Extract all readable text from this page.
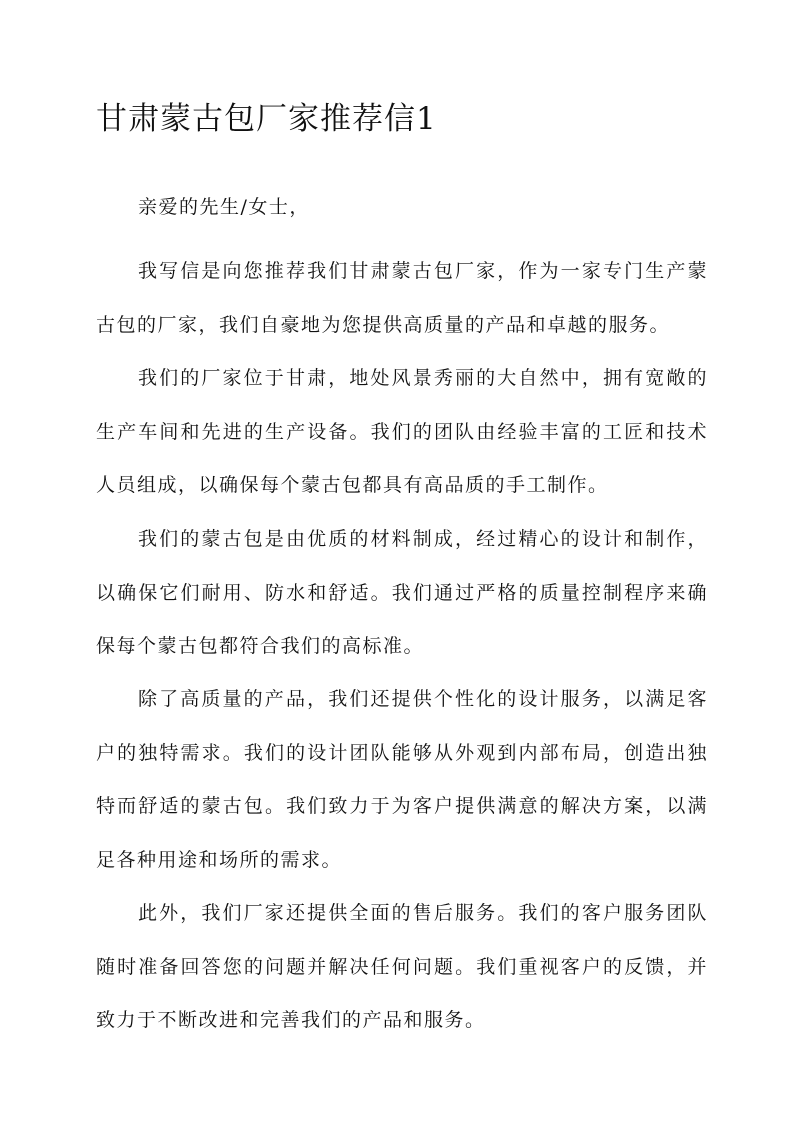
甘肃蒙古包厂家推荐信1

亲爱的先生/女士，

我写信是向您推荐我们甘肃蒙古包厂家，作为一家专门生产蒙古包的厂家，我们自豪地为您提供高质量的产品和卓越的服务。

我们的厂家位于甘肃，地处风景秀丽的大自然中，拥有宽敞的生产车间和先进的生产设备。我们的团队由经验丰富的工匠和技术人员组成，以确保每个蒙古包都具有高品质的手工制作。

我们的蒙古包是由优质的材料制成，经过精心的设计和制作，以确保它们耐用、防水和舒适。我们通过严格的质量控制程序来确保每个蒙古包都符合我们的高标准。

除了高质量的产品，我们还提供个性化的设计服务，以满足客户的独特需求。我们的设计团队能够从外观到内部布局，创造出独特而舒适的蒙古包。我们致力于为客户提供满意的解决方案，以满足各种用途和场所的需求。

此外，我们厂家还提供全面的售后服务。我们的客户服务团队随时准备回答您的问题并解决任何问题。我们重视客户的反馈，并致力于不断改进和完善我们的产品和服务。
